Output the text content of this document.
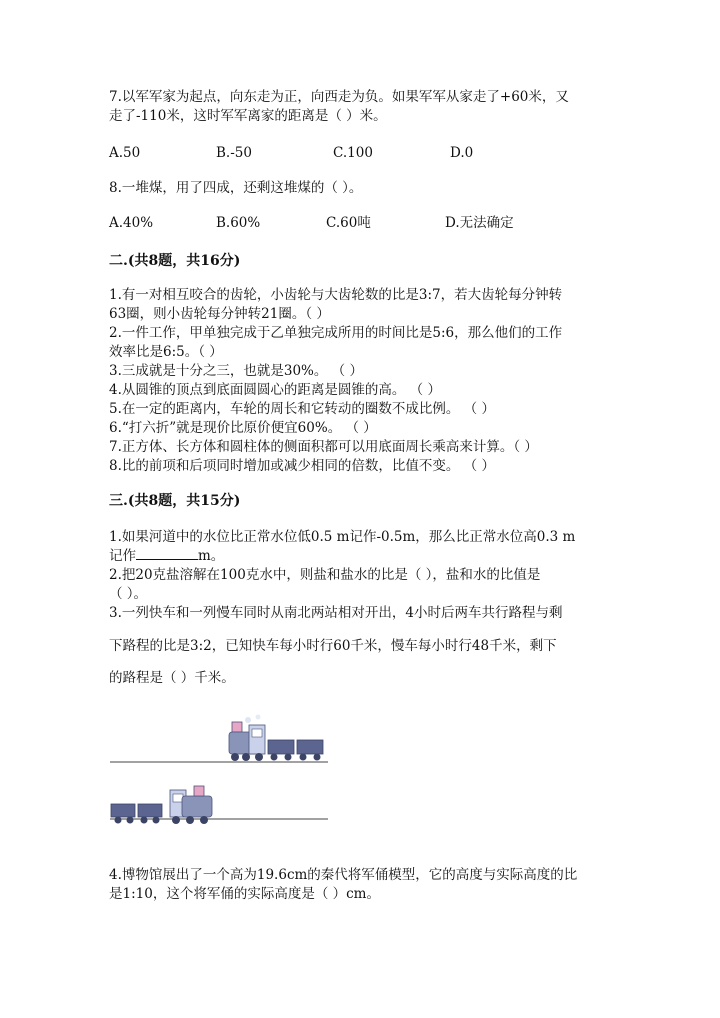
7.以军军家为起点，向东走为正，向西走为负。如果军军从家走了+60米，又
走了-110米，这时军军离家的距离是（ ）米。
A.50	B.-50	C.100	D.0
8.一堆煤，用了四成，还剩这堆煤的（ ）。
A.40%	B.60%	C.60吨	D.无法确定
二.(共8题，共16分)
1.有一对相互咬合的齿轮，小齿轮与大齿轮数的比是3:7，若大齿轮每分钟转
63圈，则小齿轮每分钟转21圈。（ ）
2.一件工作，甲单独完成于乙单独完成所用的时间比是5:6，那么他们的工作
效率比是6:5。（ ）
3.三成就是十分之三，也就是30%。 （ ）
4.从圆锥的顶点到底面圆圆心的距离是圆锥的高。 （ ）
5.在一定的距离内，车轮的周长和它转动的圈数不成比例。 （ ）
6.“打六折”就是现价比原价便宜60%。 （ ）
7.正方体、长方体和圆柱体的侧面积都可以用底面周长乘高来计算。（ ）
8.比的前项和后项同时增加或减少相同的倍数，比值不变。 （ ）
三.(共8题，共15分)
1.如果河道中的水位比正常水位低0.5 m记作-0.5m，那么比正常水位高0.3 m
记作	m。
2.把20克盐溶解在100克水中，则盐和盐水的比是（ ），盐和水的比值是
（ ）。
3.一列快车和一列慢车同时从南北两站相对开出，4小时后两车共行路程与剩
下路程的比是3:2，已知快车每小时行60千米，慢车每小时行48千米，剩下
的路程是（ ）千米。
4.博物馆展出了一个高为19.6cm的秦代将军俑模型，它的高度与实际高度的比
是1:10，这个将军俑的实际高度是（ ）cm。
